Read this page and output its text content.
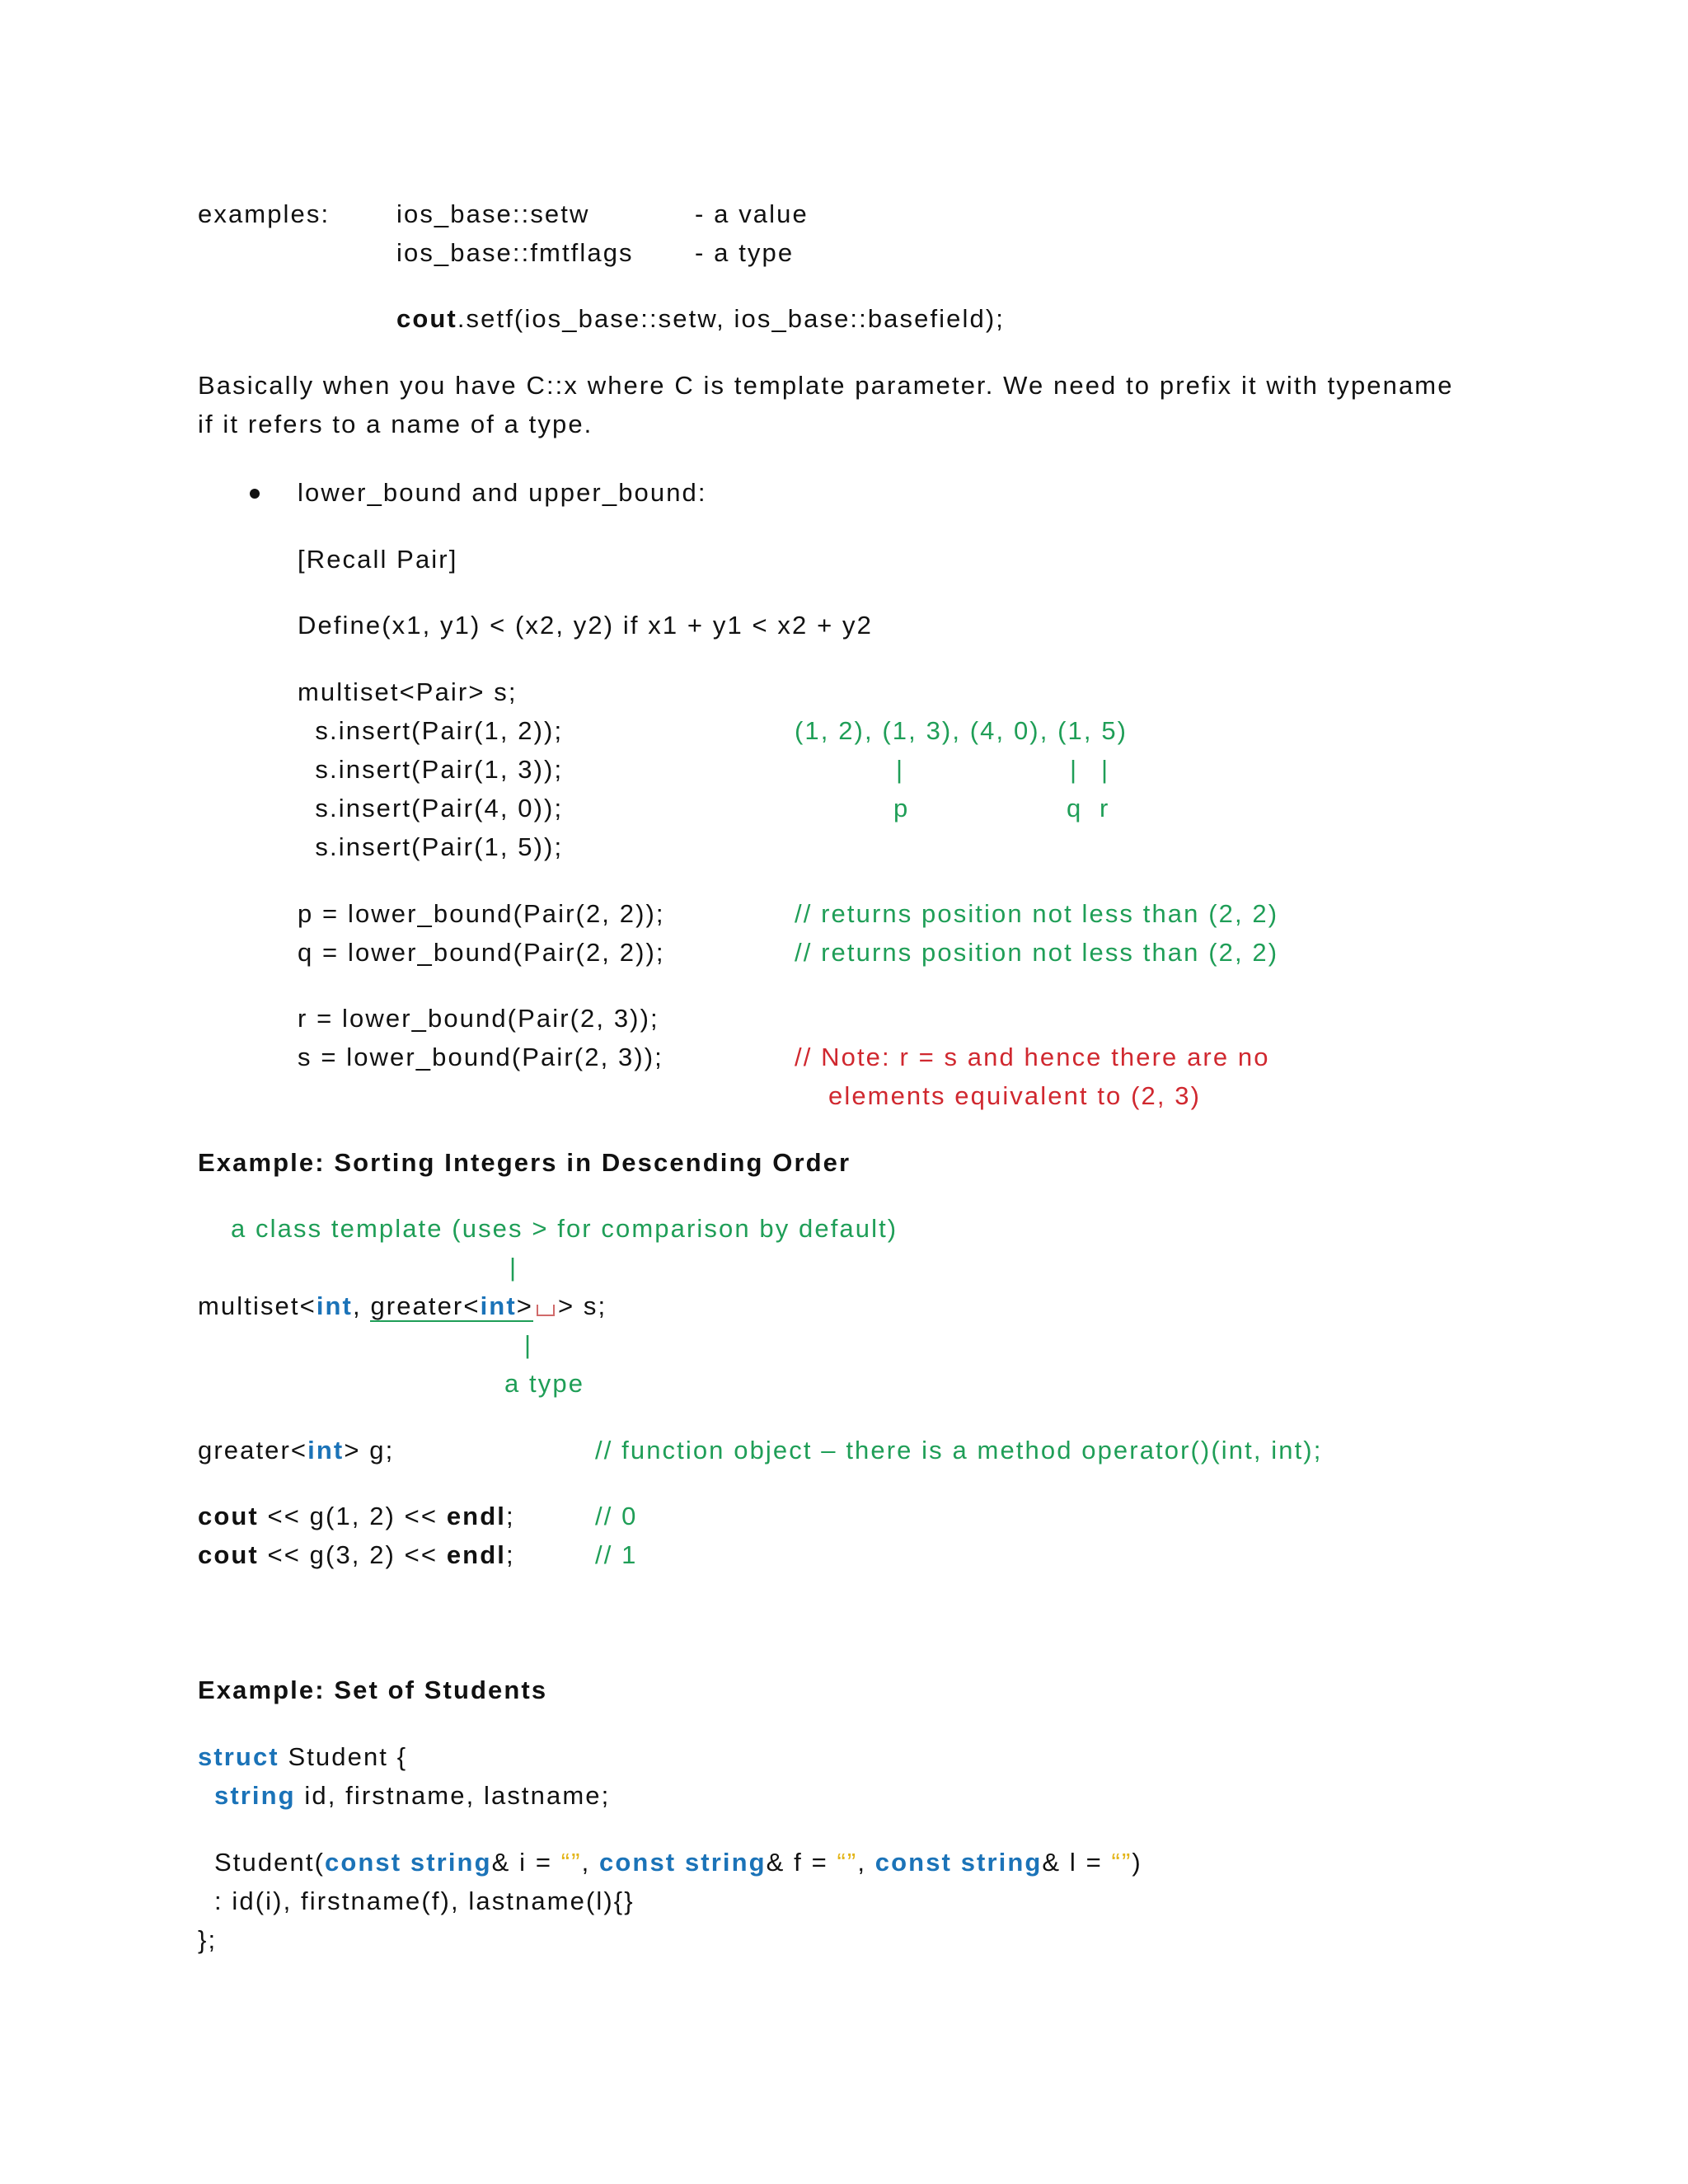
examples:	ios_base::setw	- a value
ios_base::fmtflags - a type
cout.setf(ios_base::setw, ios_base::basefield);
Basically when you have C::x where C is template parameter. We need to prefix it with typename
if it refers to a name of a type.
lower_bound and upper_bound:
[Recall Pair]
Define(x1, y1) < (x2, y2) if x1 + y1 < x2 + y2
multiset<Pair> s;
s.insert(Pair(1, 2));
s.insert(Pair(1, 3));
s.insert(Pair(4, 0));
s.insert(Pair(1, 5));
(1, 2), (1, 3), (4, 0), (1, 5)
|	| |
p	q r
p = lower_bound(Pair(2, 2));	// returns position not less than (2, 2)
q = lower_bound(Pair(2, 2));	// returns position not less than (2, 2)
r = lower_bound(Pair(2, 3));
s = lower_bound(Pair(2, 3));	// Note: r = s and hence there are no
elements equivalent to (2, 3)
Example: Sorting Integers in Descending Order
a class template (uses > for comparison by default)
|
multiset<int, greater<int> > s;
|
a type
greater<int> g;	// function object – there is a method operator()(int, int);
cout << g(1, 2) << endl;	// 0
cout << g(3, 2) << endl;	// 1
Example: Set of Students
struct Student {
string id, firstname, lastname;
Student(const string& i = “”, const string& f = “”, const string& l = “”)
: id(i), firstname(f), lastname(l){}
};
